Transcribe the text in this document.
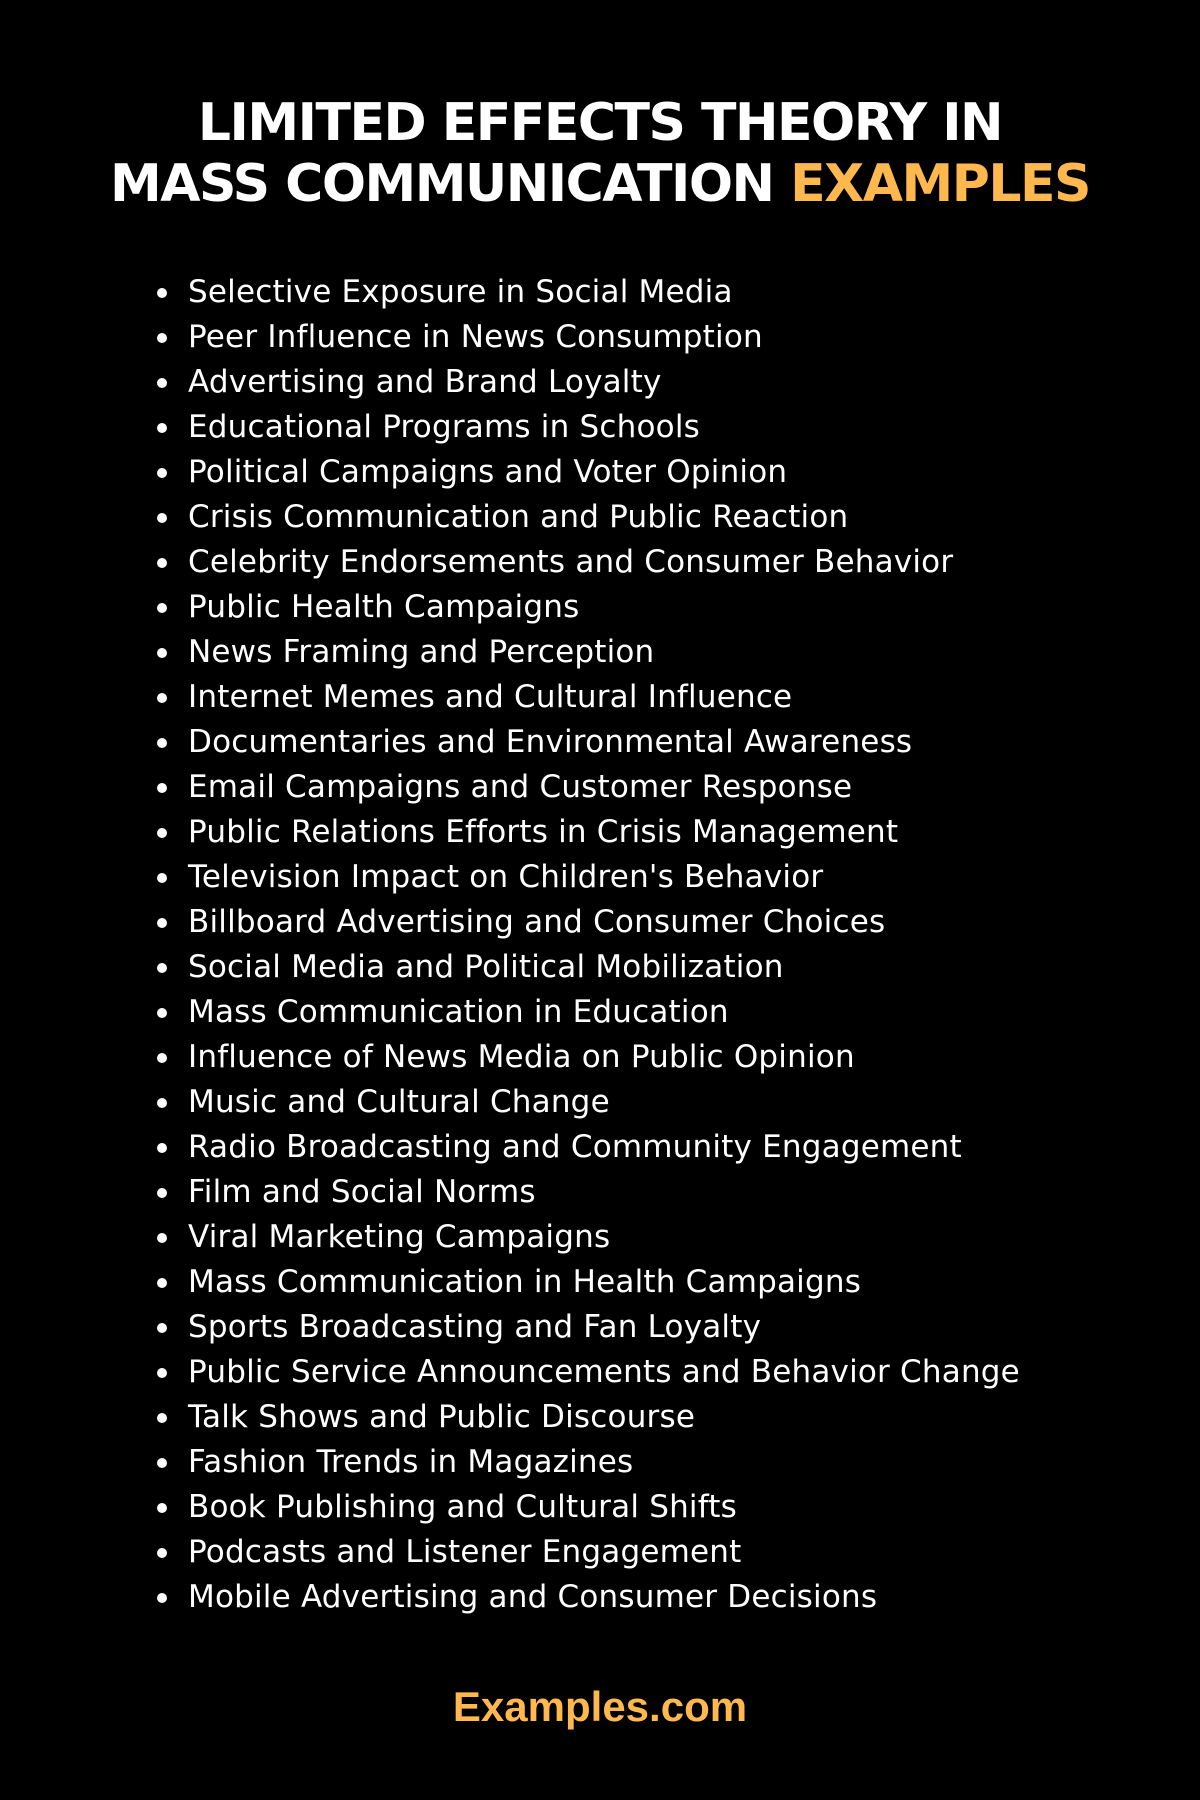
LIMITED EFFECTS THEORY IN
MASS COMMUNICATION EXAMPLES
Selective Exposure in Social Media
Peer Influence in News Consumption
Advertising and Brand Loyalty
Educational Programs in Schools
Political Campaigns and Voter Opinion
Crisis Communication and Public Reaction
Celebrity Endorsements and Consumer Behavior
Public Health Campaigns
News Framing and Perception
Internet Memes and Cultural Influence
Documentaries and Environmental Awareness
Email Campaigns and Customer Response
Public Relations Efforts in Crisis Management
Television Impact on Children's Behavior
Billboard Advertising and Consumer Choices
Social Media and Political Mobilization
Mass Communication in Education
Influence of News Media on Public Opinion
Music and Cultural Change
Radio Broadcasting and Community Engagement
Film and Social Norms
Viral Marketing Campaigns
Mass Communication in Health Campaigns
Sports Broadcasting and Fan Loyalty
Public Service Announcements and Behavior Change
Talk Shows and Public Discourse
Fashion Trends in Magazines
Book Publishing and Cultural Shifts
Podcasts and Listener Engagement
Mobile Advertising and Consumer Decisions
Examples.com
